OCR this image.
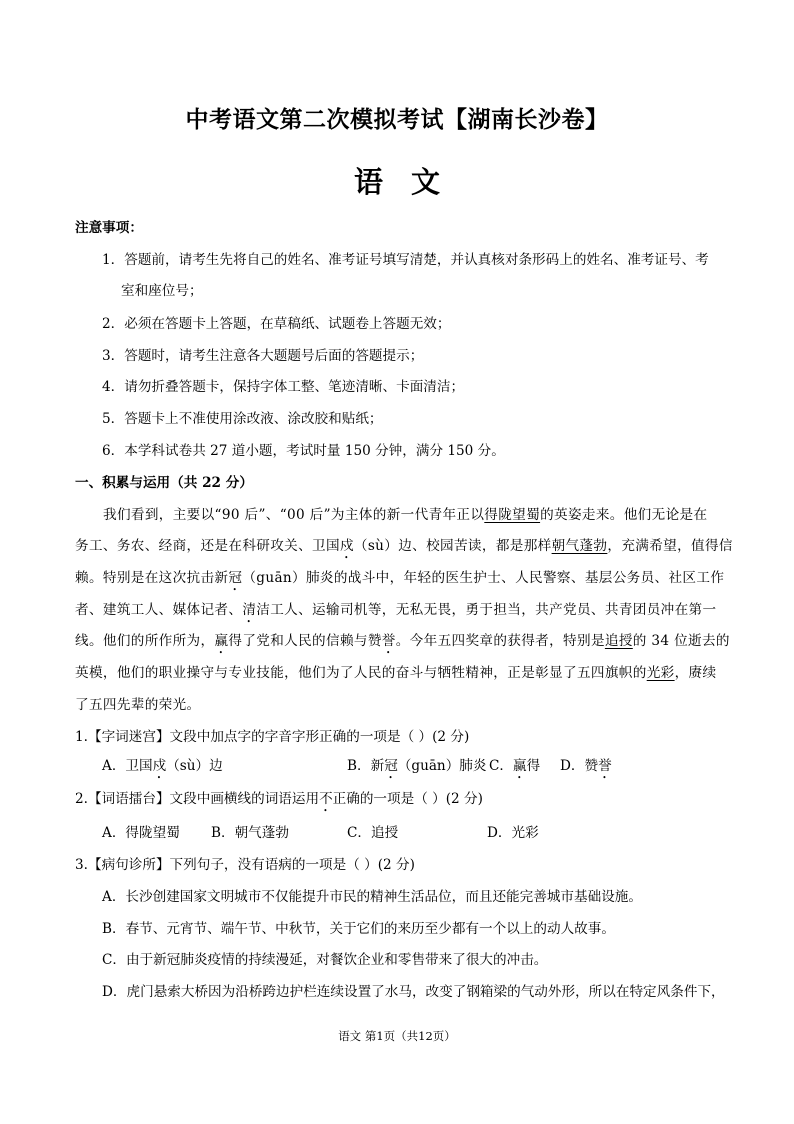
中考语文第二次模拟考试【湖南长沙卷】
语文
注意事项：
1．答题前，请考生先将自己的姓名、准考证号填写清楚，并认真核对条形码上的姓名、准考证号、考
室和座位号；
2．必须在答题卡上答题，在草稿纸、试题卷上答题无效；
3．答题时，请考生注意各大题题号后面的答题提示；
4．请勿折叠答题卡，保持字体工整、笔迹清晰、卡面清洁；
5．答题卡上不准使用涂改液、涂改胶和贴纸；
6．本学科试卷共 27 道小题，考试时量 150 分钟，满分 150 分。
一、积累与运用（共 22 分）
我们看到，主要以“90 后”、“00 后”为主体的新一代青年正以得陇望蜀的英姿走来。他们无论是在
务工、务农、经商，还是在科研攻关、卫国戍（sù）边、校园苦读，都是那样朝气蓬勃，充满希望，值得信
赖。特别是在这次抗击新冠（guān）肺炎的战斗中，年轻的医生护士、人民警察、基层公务员、社区工作
者、建筑工人、媒体记者、清洁工人、运输司机等，无私无畏，勇于担当，共产党员、共青团员冲在第一
线。他们的所作所为，赢得了党和人民的信赖与赞誉。今年五四奖章的获得者，特别是追授的 34 位逝去的
英模，他们的职业操守与专业技能，他们为了人民的奋斗与牺牲精神，正是彰显了五四旗帜的光彩，赓续
了五四先辈的荣光。
1.【字词迷宫】文段中加点字的字音字形正确的一项是（ ）(2 分)
A．卫国戍（sù）边	B．新冠（guān）肺炎 C．赢得 D．赞誉
2.【词语擂台】文段中画横线的词语运用不正确的一项是（ ）(2 分)
A．得陇望蜀 B．朝气蓬勃	C．追授	D．光彩
3.【病句诊所】下列句子，没有语病的一项是（ ）(2 分)
A．长沙创建国家文明城市不仅能提升市民的精神生活品位，而且还能完善城市基础设施。
B．春节、元宵节、端午节、中秋节，关于它们的来历至少都有一个以上的动人故事。
C．由于新冠肺炎疫情的持续漫延，对餐饮企业和零售带来了很大的冲击。
D．虎门悬索大桥因为沿桥跨边护栏连续设置了水马，改变了钢箱梁的气动外形，所以在特定风条件下，
语文 第1页（共12页）
